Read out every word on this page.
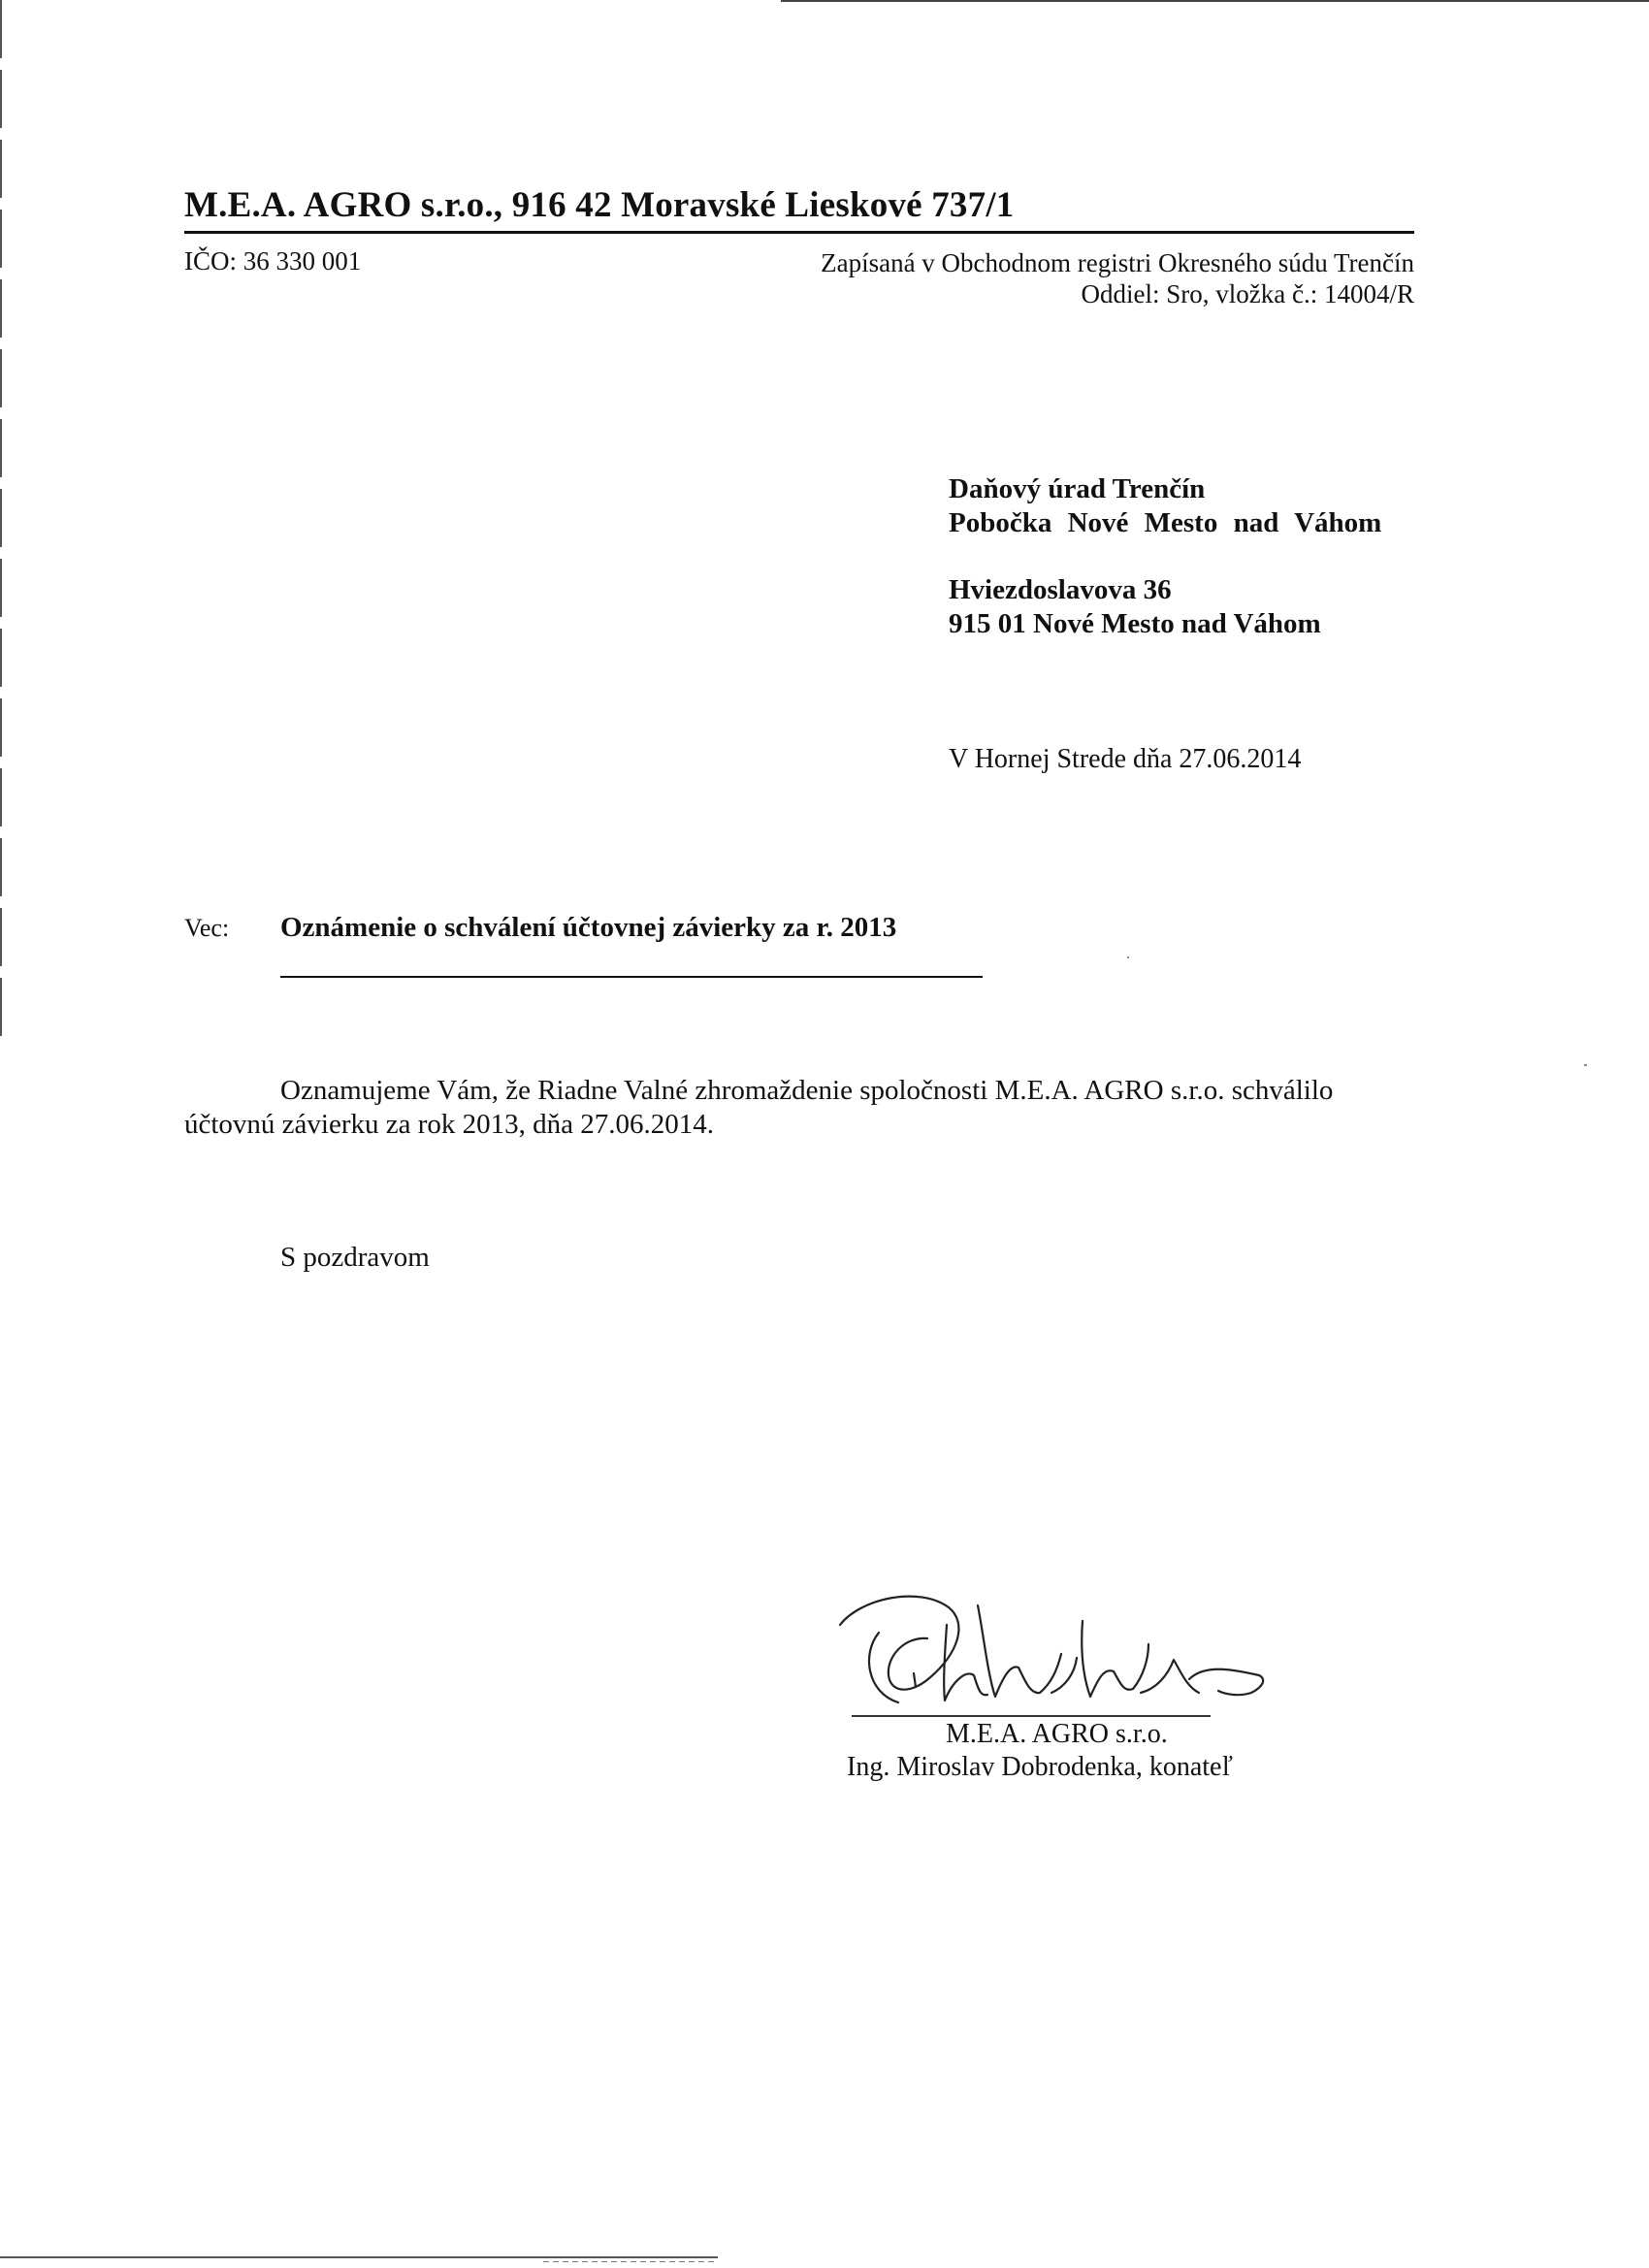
M.E.A. AGRO s.r.o., 916 42 Moravské Lieskové 737/1
IČO: 36 330 001	Zapísaná v Obchodnom registri Okresného súdu Trenčín
Oddiel: Sro, vložka č.: 14004/R
Daňový úrad Trenčín
Pobočka Nové Mesto nad Váhom
Hviezdoslavova 36
915 01 Nové Mesto nad Váhom
V Hornej Strede dňa 27.06.2014
Vec: Oznámenie o schválení účtovnej závierky za r. 2013
Oznamujeme Vám, že Riadne Valné zhromaždenie spoločnosti M.E.A. AGRO s.r.o. schválilo
účtovnú závierku za rok 2013, dňa 27.06.2014.
S pozdravom
M.E.A. AGRO s.r.o.
Ing. Miroslav Dobrodenka, konateľ
